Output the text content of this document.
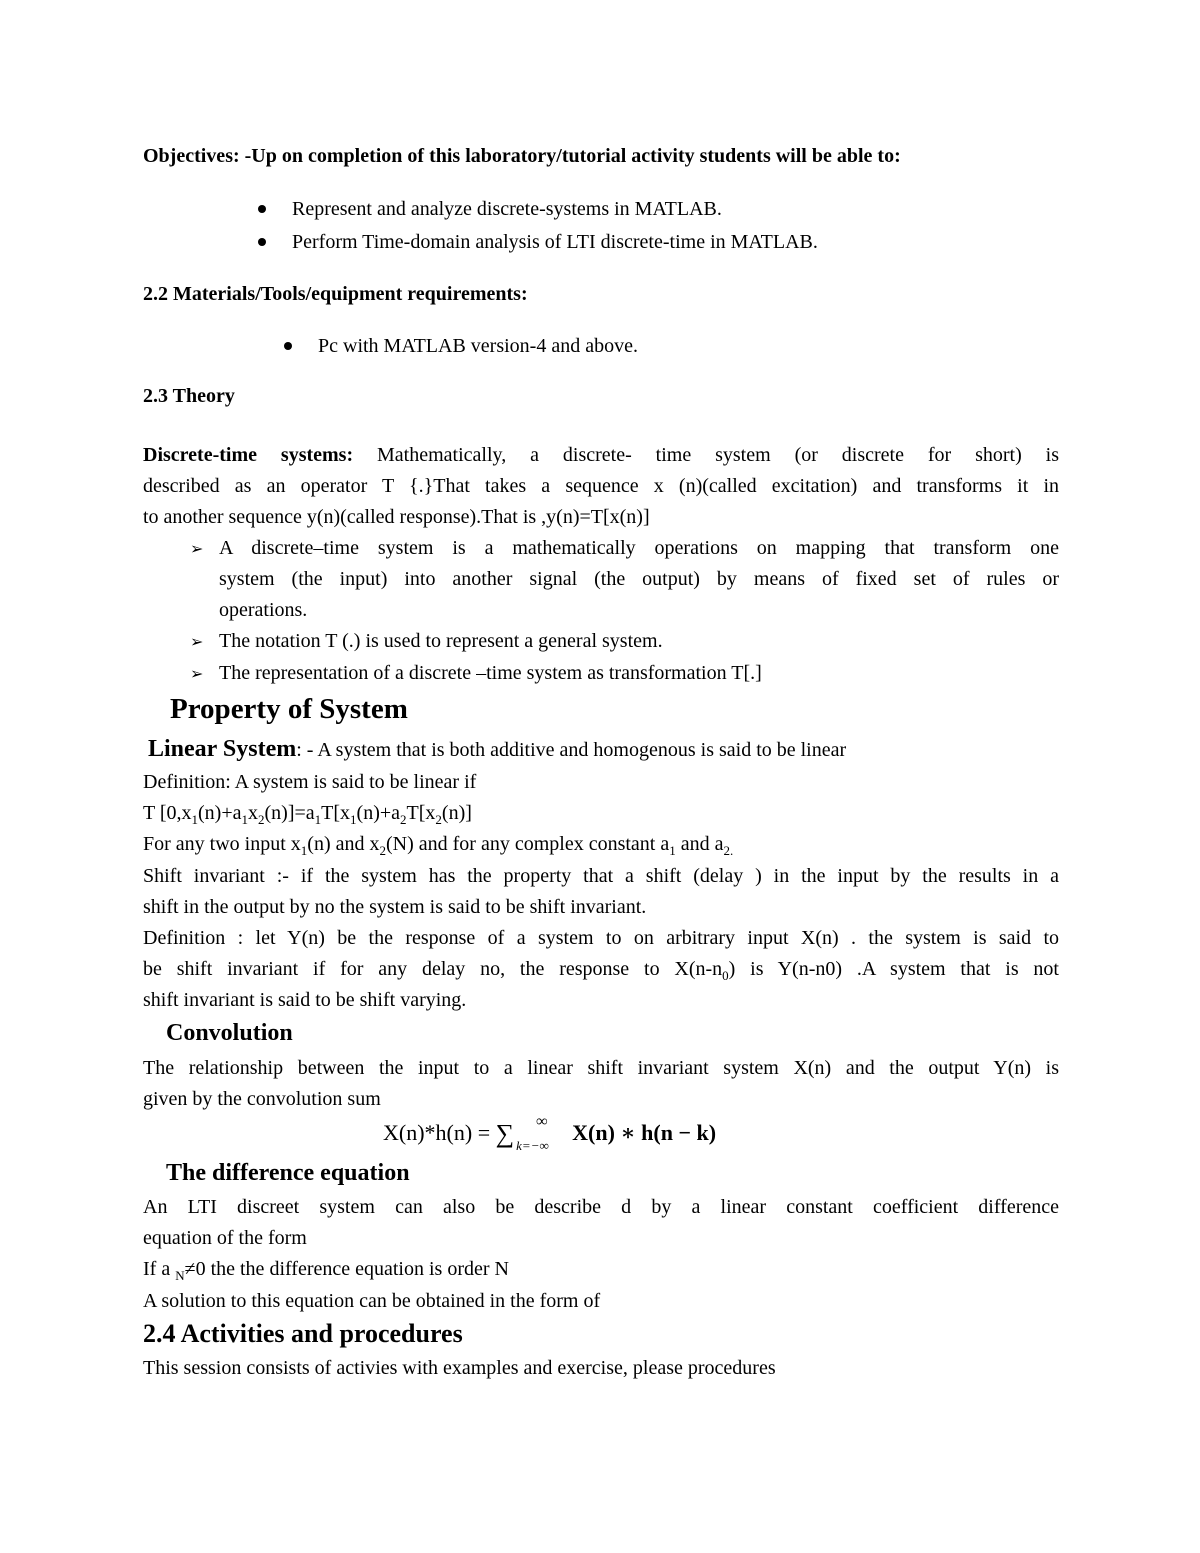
Objectives: -Up on completion of this laboratory/tutorial activity students will be able to:
Represent and analyze discrete-systems in MATLAB.
Perform Time-domain analysis of LTI discrete-time in MATLAB.
2.2 Materials/Tools/equipment requirements:
Pc with MATLAB version-4 and above.
2.3 Theory
Discrete-time systems: Mathematically, a discrete- time system (or discrete for short) is
described as an operator T {.}That takes a sequence x (n)(called excitation) and transforms it in
to another sequence y(n)(called response).That is ,y(n)=T[x(n)]
➢ A discrete–time system is a mathematically operations on mapping that transform one
system (the input) into another signal (the output) by means of fixed set of rules or
operations.
➢ The notation T (.) is used to represent a general system.
➢ The representation of a discrete –time system as transformation T[.]
Property of System
Linear System: - A system that is both additive and homogenous is said to be linear
Definition: A system is said to be linear if
T $[0,x_1(n)+a_1x_2(n)]=a_1T[x_1(n)+a_2T[x_2(n)]$
For any two input $x_1(n)$ and $x_2(N)$ and for any complex constant $a_1$ and $a_{2.}$
Shift invariant :- if the system has the property that a shift (delay ) in the input by the results in a
shift in the output by no the system is said to be shift invariant.
Definition : let Y(n) be the response of a system to on arbitrary input X(n) . the system is said to
be shift invariant if for any delay no, the response to $X(n-n_0)$ is Y(n-n0) .A system that is not
shift invariant is said to be shift varying.
Convolution
The relationship between the input to a linear shift invariant system X(n) and the output Y(n) is
given by the convolution sum
X(n)*h(n) = ∑ ∞
k=−∞
X(n) ∗ h(n − k)
The difference equation
An LTI discreet system can also be describe d by a linear constant coefficient difference
equation of the form
If a $_N$≠0 the the difference equation is order N
A solution to this equation can be obtained in the form of
2.4 Activities and procedures
This session consists of activies with examples and exercise, please procedures
